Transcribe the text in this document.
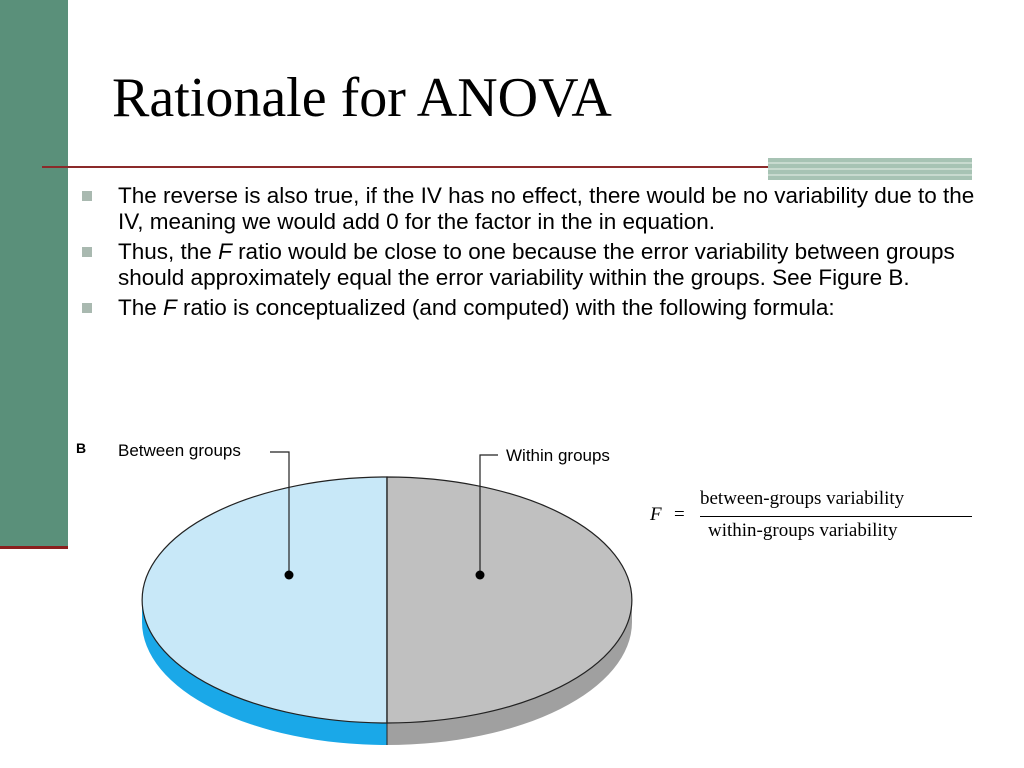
Rationale for ANOVA
The reverse is also true, if the IV has no effect, there would be no variability due to the IV, meaning we would add 0 for the factor in the in equation.
Thus, the F ratio would be close to one because the error variability between groups should approximately equal the error variability within the groups. See Figure B.
The F ratio is conceptualized (and computed) with the following formula:
B Between groups	Within groups
F =
between-groups variability
within-groups variability
